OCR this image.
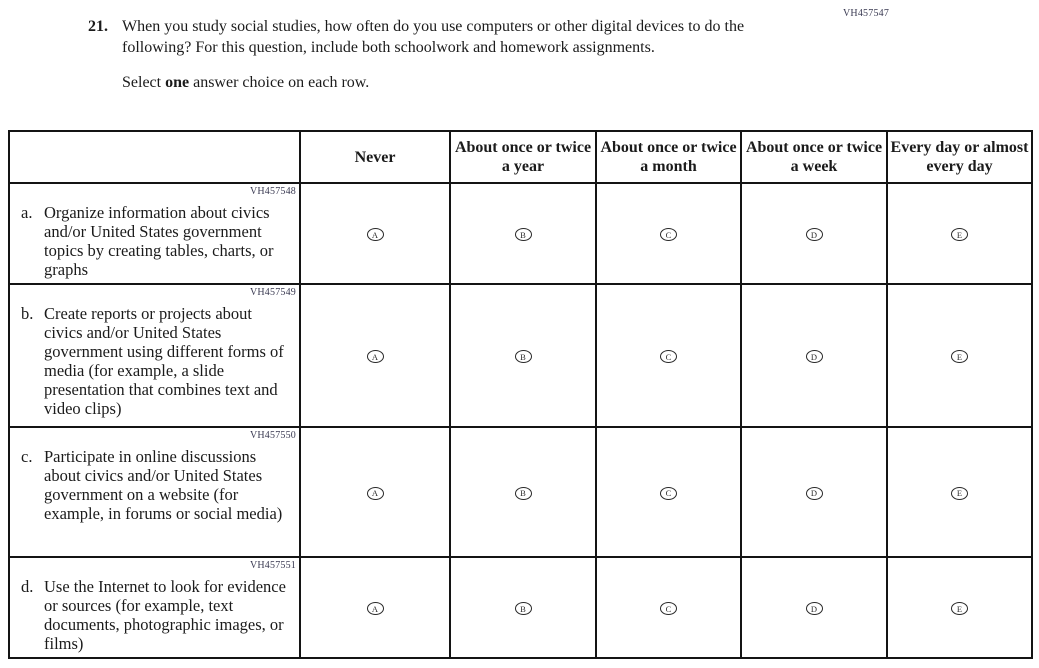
VH457547
21. When you study social studies, how often do you use computers or other digital devices to do the following? For this question, include both schoolwork and homework assignments.

Select one answer choice on each row.

	Never	About once or twice a year	About once or twice a month	About once or twice a week	Every day or almost every day

VH457548
a. Organize information about civics and/or United States government topics by creating tables, charts, or graphs	A	B	C	D	E

VH457549
b. Create reports or projects about civics and/or United States government using different forms of media (for example, a slide presentation that combines text and video clips)	A	B	C	D	E

VH457550
c. Participate in online discussions about civics and/or United States government on a website (for example, in forums or social media)	A	B	C	D	E

VH457551
d. Use the Internet to look for evidence or sources (for example, text documents, photographic images, or films)	A	B	C	D	E
